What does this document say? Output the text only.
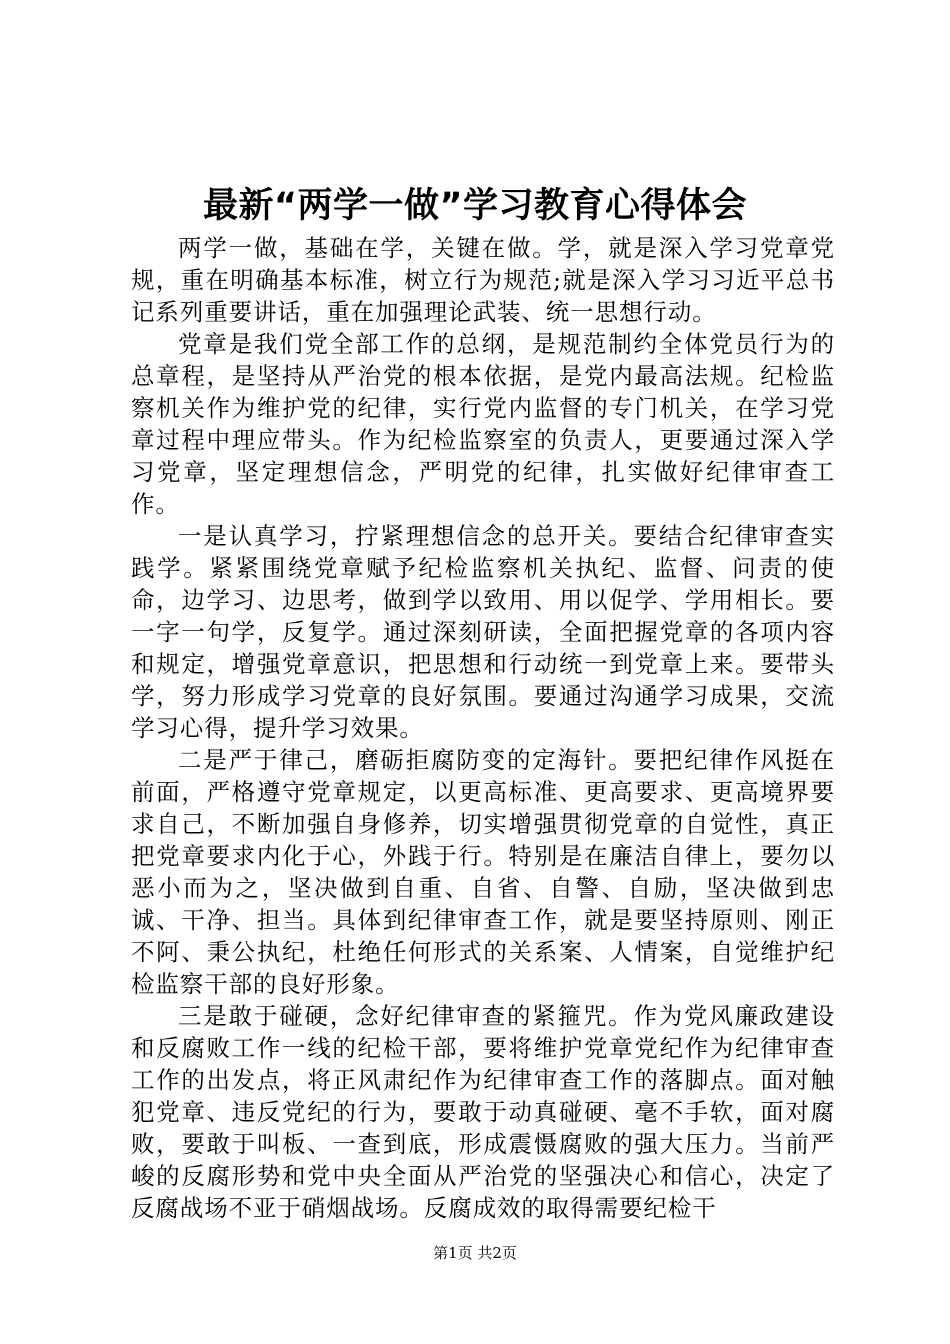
最新“两学一做”学习教育心得体会

两学一做，基础在学，关键在做。学，就是深入学习党章党规，重在明确基本标准，树立行为规范;就是深入学习习近平总书记系列重要讲话，重在加强理论武装、统一思想行动。

党章是我们党全部工作的总纲，是规范制约全体党员行为的总章程，是坚持从严治党的根本依据，是党内最高法规。纪检监察机关作为维护党的纪律，实行党内监督的专门机关，在学习党章过程中理应带头。作为纪检监察室的负责人，更要通过深入学习党章，坚定理想信念，严明党的纪律，扎实做好纪律审查工作。

一是认真学习，拧紧理想信念的总开关。要结合纪律审查实践学。紧紧围绕党章赋予纪检监察机关执纪、监督、问责的使命，边学习、边思考，做到学以致用、用以促学、学用相长。要一字一句学，反复学。通过深刻研读，全面把握党章的各项内容和规定，增强党章意识，把思想和行动统一到党章上来。要带头学，努力形成学习党章的良好氛围。要通过沟通学习成果，交流学习心得，提升学习效果。

二是严于律己，磨砺拒腐防变的定海针。要把纪律作风挺在前面，严格遵守党章规定，以更高标准、更高要求、更高境界要求自己，不断加强自身修养，切实增强贯彻党章的自觉性，真正把党章要求内化于心，外践于行。特别是在廉洁自律上，要勿以恶小而为之，坚决做到自重、自省、自警、自励，坚决做到忠诚、干净、担当。具体到纪律审查工作，就是要坚持原则、刚正不阿、秉公执纪，杜绝任何形式的关系案、人情案，自觉维护纪检监察干部的良好形象。

三是敢于碰硬，念好纪律审查的紧箍咒。作为党风廉政建设和反腐败工作一线的纪检干部，要将维护党章党纪作为纪律审查工作的出发点，将正风肃纪作为纪律审查工作的落脚点。面对触犯党章、违反党纪的行为，要敢于动真碰硬、毫不手软，面对腐败，要敢于叫板、一查到底，形成震慑腐败的强大压力。当前严峻的反腐形势和党中央全面从严治党的坚强决心和信心，决定了反腐战场不亚于硝烟战场。反腐成效的取得需要纪检干

第1页 共2页
